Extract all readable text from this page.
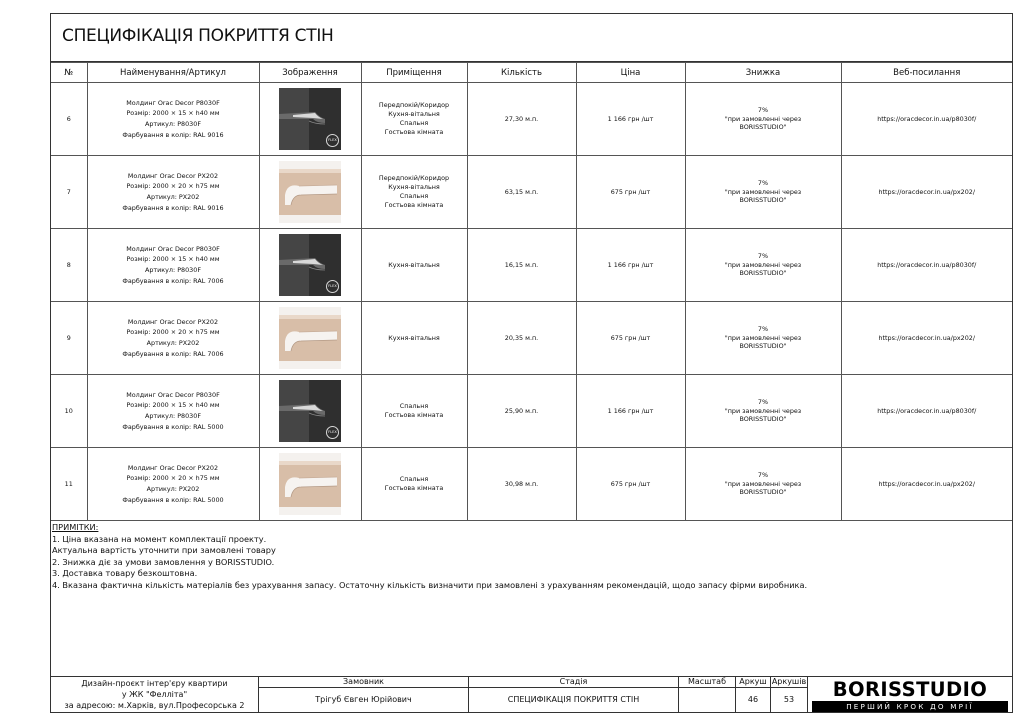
СПЕЦИФІКАЦІЯ ПОКРИТТЯ СТІН
№	Найменування/Артикул	Зображення	Приміщення	Кількість	Ціна	Знижка	Веб-посилання
6	Молдинг Orac Decor P8030F
Розмір: 2000 × 15 × h40 мм
Артикул: P8030F
Фарбування в колір: RAL 9016	FLEX	Передпокій/Коридор
Кухня-вітальня
Спальня
Гостьова кімната	27,30 м.п.	1 166 грн /шт	7%
"при замовленні через
BORISSTUDIO"	https://oracdecor.in.ua/p8030f/
7	Молдинг Orac Decor PX202
Розмір: 2000 × 20 × h75 мм
Артикул: PX202
Фарбування в колір: RAL 9016		Передпокій/Коридор
Кухня-вітальня
Спальня
Гостьова кімната	63,15 м.п.	675 грн /шт	7%
"при замовленні через
BORISSTUDIO"	https://oracdecor.in.ua/px202/
8	Молдинг Orac Decor P8030F
Розмір: 2000 × 15 × h40 мм
Артикул: P8030F
Фарбування в колір: RAL 7006	FLEX	Кухня-вітальня	16,15 м.п.	1 166 грн /шт	7%
"при замовленні через
BORISSTUDIO"	https://oracdecor.in.ua/p8030f/
9	Молдинг Orac Decor PX202
Розмір: 2000 × 20 × h75 мм
Артикул: PX202
Фарбування в колір: RAL 7006		Кухня-вітальня	20,35 м.п.	675 грн /шт	7%
"при замовленні через
BORISSTUDIO"	https://oracdecor.in.ua/px202/
10	Молдинг Orac Decor P8030F
Розмір: 2000 × 15 × h40 мм
Артикул: P8030F
Фарбування в колір: RAL 5000	FLEX	Спальня
Гостьова кімната	25,90 м.п.	1 166 грн /шт	7%
"при замовленні через
BORISSTUDIO"	https://oracdecor.in.ua/p8030f/
11	Молдинг Orac Decor PX202
Розмір: 2000 × 20 × h75 мм
Артикул: PX202
Фарбування в колір: RAL 5000		Спальня
Гостьова кімната	30,98 м.п.	675 грн /шт	7%
"при замовленні через
BORISSTUDIO"	https://oracdecor.in.ua/px202/
ПРИМІТКИ:
1. Ціна вказана на момент комплектації проекту.
Актуальна вартість уточнити при замовлені товару
2. Знижка діє за умови замовлення у BORISSTUDIO.
3. Доставка товару безкоштовна.
4. Вказана фактична кількість матеріалів без урахування запасу. Остаточну кількість визначити при замовлені з урахуванням рекомендацій, щодо запасу фірми виробника.
Дизайн-проєкт інтер'єру квартири
у ЖК "Фелліта"
за адресою: м.Харків, вул.Професорська 2
Замовник
Трігуб Євген Юрійович
Стадія
СПЕЦИФІКАЦІЯ ПОКРИТТЯ СТІН
Масштаб	Аркуш
46
Аркушів
53	BORISSTUDIO
ПЕРШИЙ КРОК ДО МРІЇ
